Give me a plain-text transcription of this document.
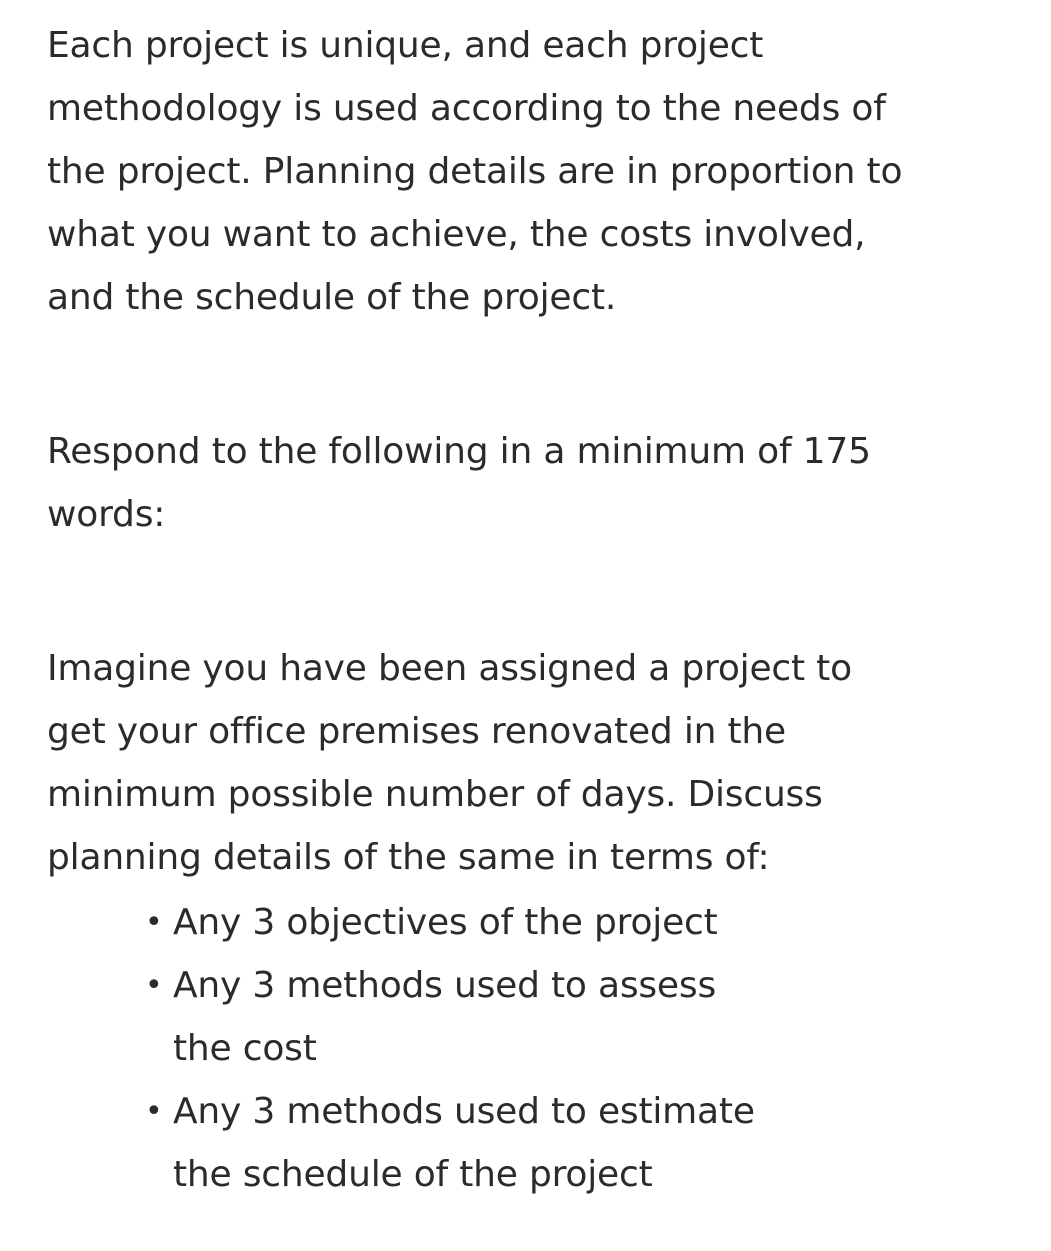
Each project is unique, and each project methodology is used according to the needs of the project. Planning details are in proportion to what you want to achieve, the costs involved, and the schedule of the project.

Respond to the following in a minimum of 175 words:

Imagine you have been assigned a project to get your office premises renovated in the minimum possible number of days. Discuss planning details of the same in terms of:

• Any 3 objectives of the project
• Any 3 methods used to assess the cost
• Any 3 methods used to estimate the schedule of the project
